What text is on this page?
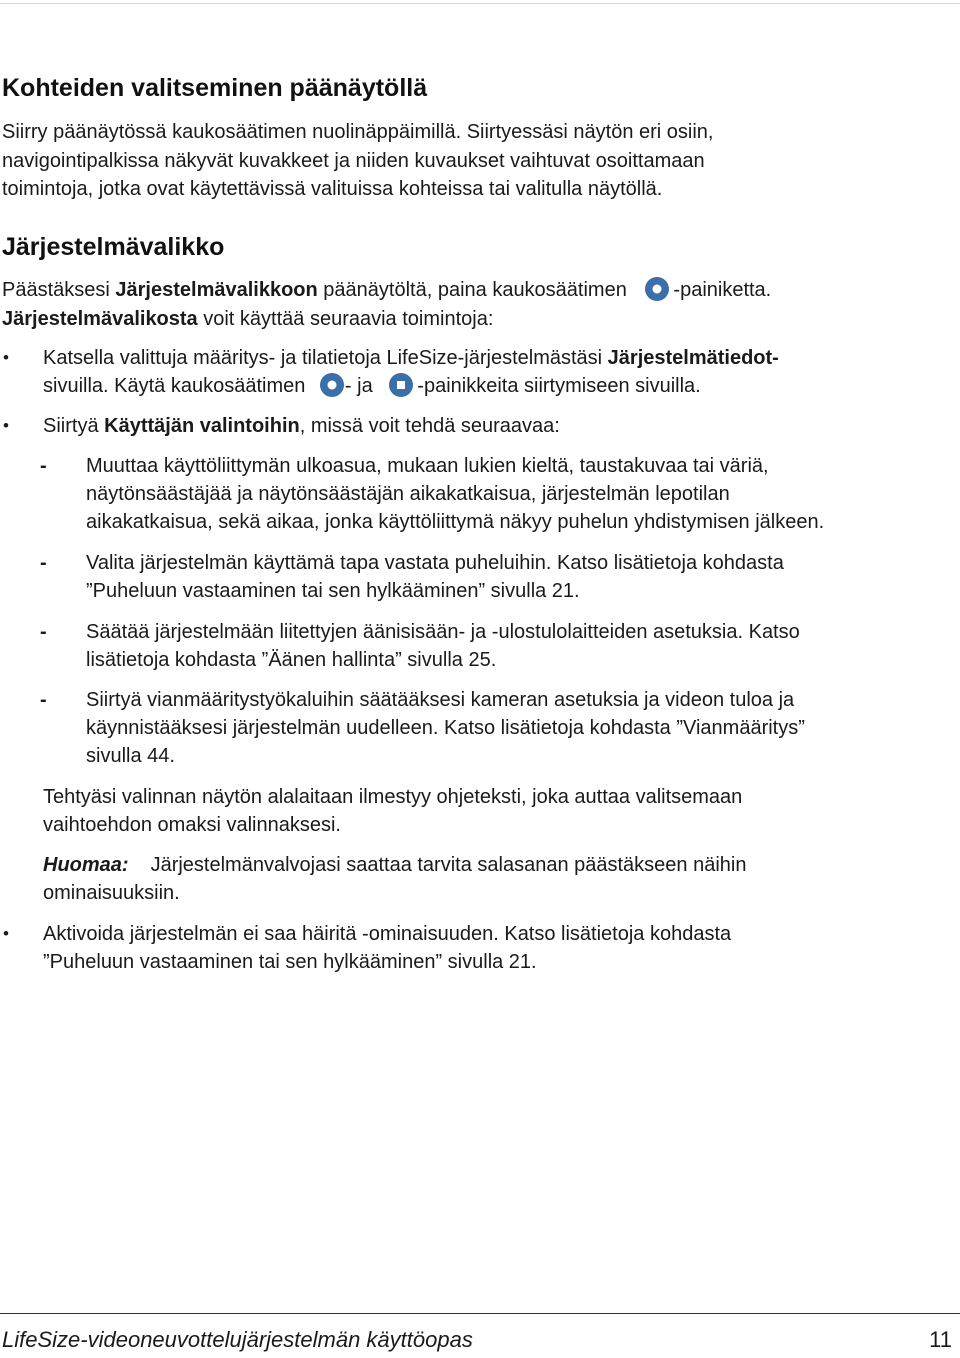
Kohteiden valitseminen päänäytöllä
Siirry päänäytössä kaukosäätimen nuolinäppäimillä. Siirtyessäsi näytön eri osiin,
navigointipalkissa näkyvät kuvakkeet ja niiden kuvaukset vaihtuvat osoittamaan
toimintoja, jotka ovat käytettävissä valituissa kohteissa tai valitulla näytöllä.
Järjestelmävalikko
Päästäksesi Järjestelmävalikkoon päänäytöltä, paina kaukosäätimen -painiketta.
Järjestelmävalikosta voit käyttää seuraavia toimintoja:
• Katsella valittuja määritys- ja tilatietoja LifeSize-järjestelmästäsi Järjestelmätiedot-
sivuilla. Käytä kaukosäätimen - ja -painikkeita siirtymiseen sivuilla.
• Siirtyä Käyttäjän valintoihin, missä voit tehdä seuraavaa:
- Muuttaa käyttöliittymän ulkoasua, mukaan lukien kieltä, taustakuvaa tai väriä,
näytönsäästäjää ja näytönsäästäjän aikakatkaisua, järjestelmän lepotilan
aikakatkaisua, sekä aikaa, jonka käyttöliittymä näkyy puhelun yhdistymisen jälkeen.
- Valita järjestelmän käyttämä tapa vastata puheluihin. Katso lisätietoja kohdasta
”Puheluun vastaaminen tai sen hylkääminen” sivulla 21.
- Säätää järjestelmään liitettyjen äänisisään- ja -ulostulolaitteiden asetuksia. Katso
lisätietoja kohdasta ”Äänen hallinta” sivulla 25.
- Siirtyä vianmääritystyökaluihin säätääksesi kameran asetuksia ja videon tuloa ja
käynnistääksesi järjestelmän uudelleen. Katso lisätietoja kohdasta ”Vianmääritys”
sivulla 44.
Tehtyäsi valinnan näytön alalaitaan ilmestyy ohjeteksti, joka auttaa valitsemaan
vaihtoehdon omaksi valinnaksesi.
Huomaa: Järjestelmänvalvojasi saattaa tarvita salasanan päästäkseen näihin
ominaisuuksiin.
• Aktivoida järjestelmän ei saa häiritä -ominaisuuden. Katso lisätietoja kohdasta
”Puheluun vastaaminen tai sen hylkääminen” sivulla 21.
LifeSize-videoneuvottelujärjestelmän käyttöopas	11
